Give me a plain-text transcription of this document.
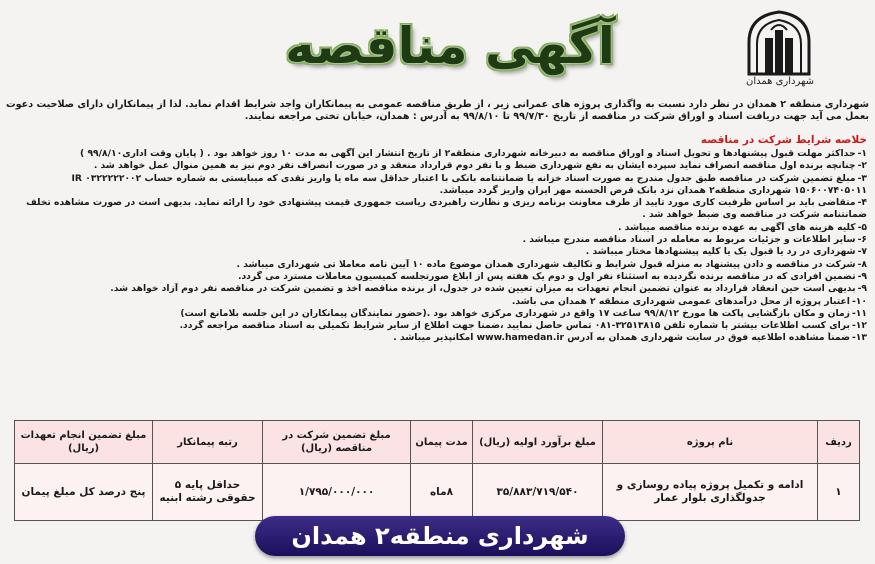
آگهی مناقصه
شهرداری همدان
شهرداری منطقه ۲ همدان در نظر دارد نسبت به واگذاری پروژه های عمرانی زیر ، از طریق مناقصه عمومی به پیمانکاران واجد شرایط اقدام نماید. لذا از پیمانکاران دارای صلاحیت دعوت بعمل می آید جهت دریافت اسناد و اوراق شرکت در مناقصه از تاریخ ۹۹/۷/۳۰ تا ۹۹/۸/۱۰ به آدرس : همدان، خیابان تختی مراجعه نمایند.
خلاصه شرایط شرکت در مناقصه
۱-حداکثر مهلت قبول پیشنهادها و تحویل اسناد و اوراق مناقصه به دبیرخانه شهرداری منطقه۲ از تاریخ انتشار این آگهی به مدت ۱۰ روز خواهد بود . ( پایان وقت اداری۹۹/۸/۱۰ )
۲-چنانچه برنده اول مناقصه انصراف نماید سپرده ایشان به نفع شهرداری ضبط و با نفر دوم قرارداد منعقد و در صورت انصراف نفر دوم نیز به همین منوال عمل خواهد شد .
۳-مبلغ تضمین شرکت در مناقصه طبق جدول مندرج به صورت اسناد خزانه یا ضمانتنامه بانکی با اعتبار حداقل سه ماه یا واریز نقدی که میبایستی به شماره حساب ۰۳۲۲۲۲۲۰۰۲ IR ۱۵۰۶۰۰۷۴۰۵۰۱۱ شهرداری منطقه۲ همدان نزد بانک قرض الحسنه مهر ایران واریز گردد میباشد.
۴-متقاضی باید بر اساس ظرفیت کاری مورد تایید از طرف معاونت برنامه ریزی و نظارت راهبردی ریاست جمهوری قیمت پیشنهادی خود را ارائه نماید. بدیهی است در صورت مشاهده تخلف ضمانتنامه شرکت در مناقصه وی ضبط خواهد شد .
۵-کلیه هزینه های آگهی به عهده برنده مناقصه میباشد .
۶-سایر اطلاعات و جزئیات مربوط به معامله در اسناد مناقصه مندرج میباشد .
۷-شهرداری در رد یا قبول یک یا کلیه پیشنهادها مختار میباشد .
۸-شرکت در مناقصه و دادن پیشنهاد به منزله قبول شرایط و تکالیف شهرداری همدان موضوع ماده ۱۰ آیین نامه معاملا تی شهرداری میباشد .
۹-تضمین افرادی که در مناقصه برنده نگردیده به استثناء نفر اول و دوم یک هفته پس از ابلاغ صورتجلسه کمیسیون معاملات مسترد می گردد.
۹-بدیهی است حین انعقاد قرارداد به عنوان تضمین انجام تعهدات به میزان تعیین شده در جدول، از برنده مناقصه اخذ و تضمین شرکت در مناقصه نفر دوم آزاد خواهد شد.
۱۰-اعتبار پروژه از محل درآمدهای عمومی شهرداری منطقه ۲ همدان می باشد.
۱۱-زمان و مکان بازگشایی پاکت ها مورخ ۹۹/۸/۱۲ ساعت ۱۷ واقع در شهرداری مرکزی خواهد بود .(حضور نمایندگان پیمانکاران در این جلسه بلامانع است)
۱۲-برای کسب اطلاعات بیشتر با شماره تلفن ۳۲۵۱۳۸۱۵-۰۸۱ تماس حاصل نمایید ،ضمنا جهت اطلاع از سایر شرایط تکمیلی به اسناد مناقصه مراجعه گردد.
۱۳-ضمناً مشاهده اطلاعیه فوق در سایت شهرداری همدان به آدرس www.hamedan.ir امکانپذیر میباشد .
ردیف	نام پروژه	مبلغ برآورد اولیه (ریال)	مدت پیمان	مبلغ تضمین شرکت در مناقصه (ریال)	رتبه پیمانکار	مبلغ تضمین انجام تعهدات (ریال)
۱	ادامه و تکمیل پروژه پیاده روسازی و جدولگذاری بلوار عمار	۳۵/۸۸۳/۷۱۹/۵۴۰	۸ماه	۱/۷۹۵/۰۰۰/۰۰۰	حداقل پایه ۵ حقوقی رشته ابنیه	پنج درصد کل مبلغ پیمان
شهرداری منطقه۲ همدان
